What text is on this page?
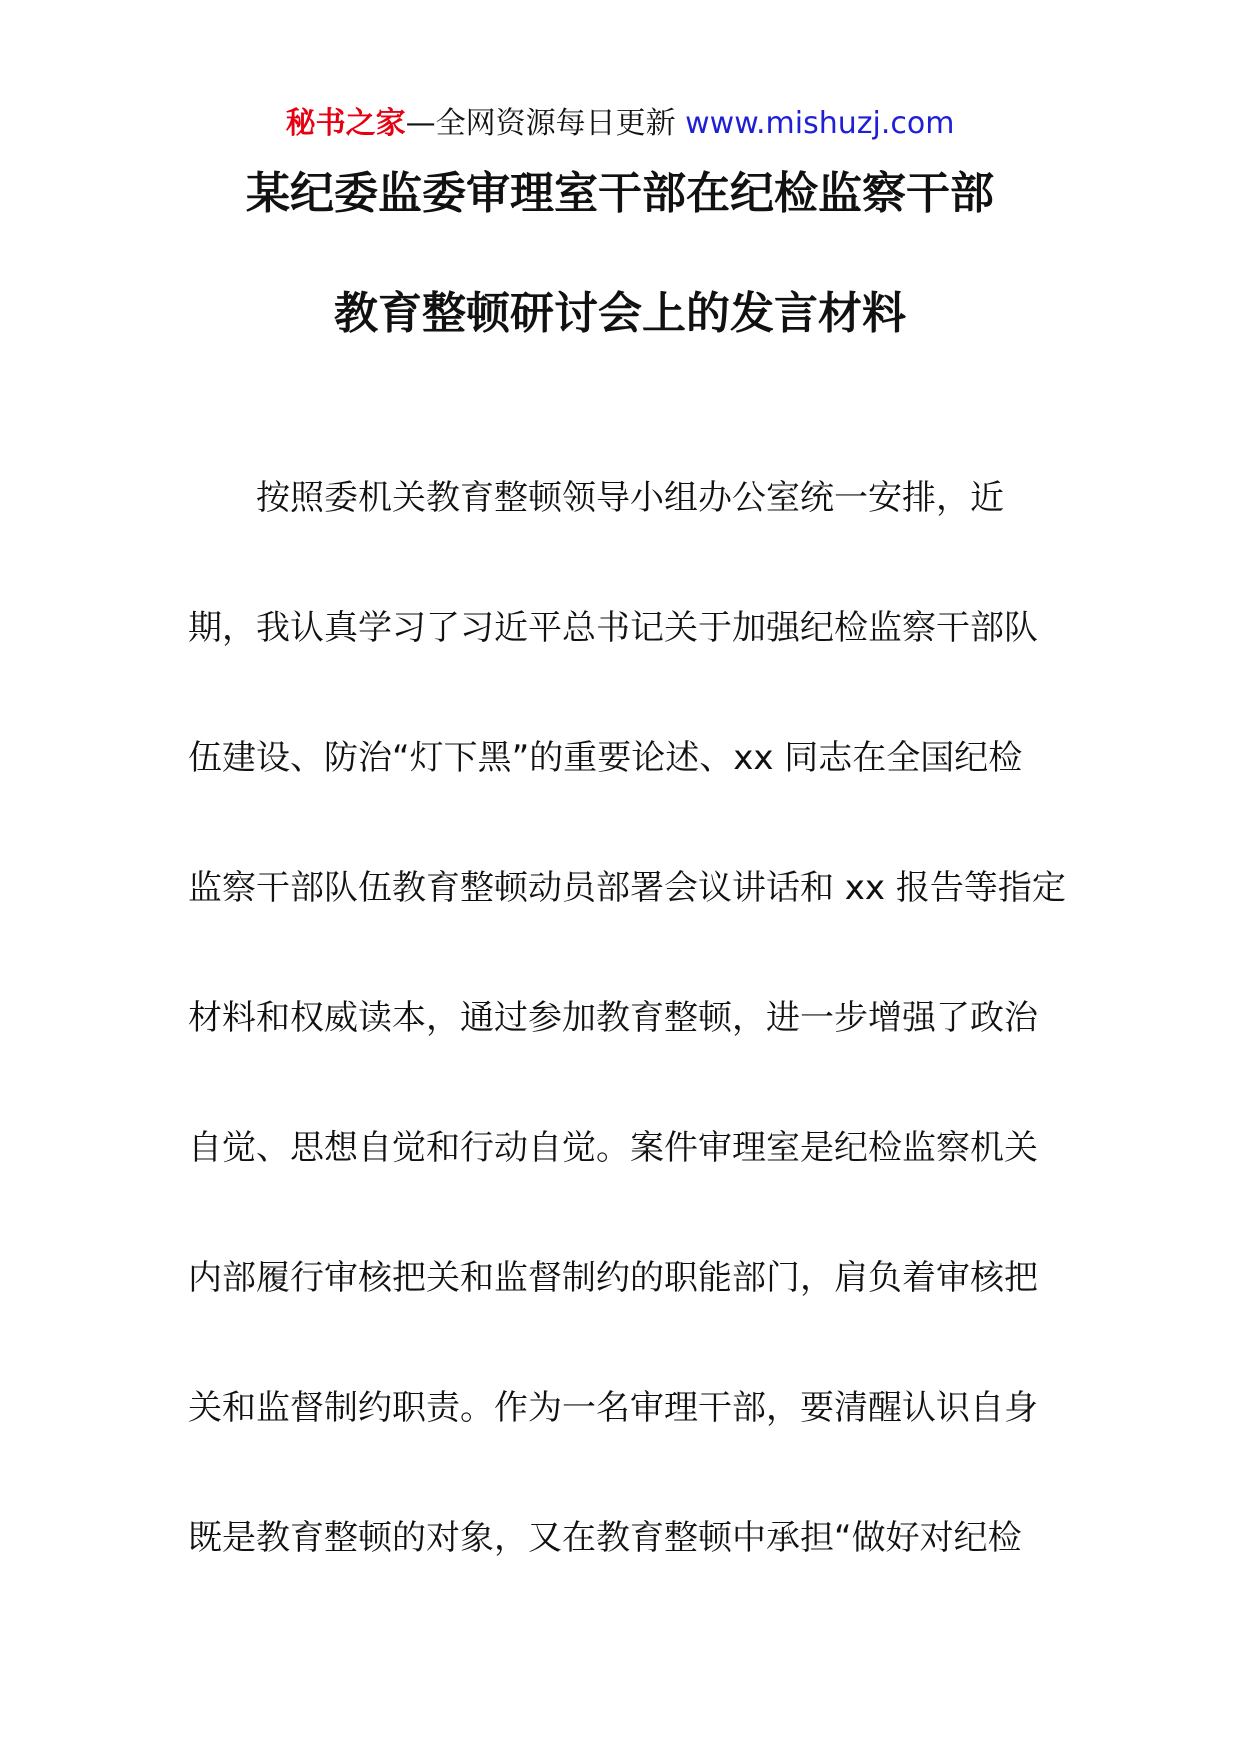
秘书之家—全网资源每日更新 www.mishuzj.com
某纪委监委审理室干部在纪检监察干部
教育整顿研讨会上的发言材料
按照委机关教育整顿领导小组办公室统一安排，近
期，我认真学习了习近平总书记关于加强纪检监察干部队
伍建设、防治“灯下黑”的重要论述、xx 同志在全国纪检
监察干部队伍教育整顿动员部署会议讲话和 xx 报告等指定
材料和权威读本，通过参加教育整顿，进一步增强了政治
自觉、思想自觉和行动自觉。案件审理室是纪检监察机关
内部履行审核把关和监督制约的职能部门，肩负着审核把
关和监督制约职责。作为一名审理干部，要清醒认识自身
既是教育整顿的对象，又在教育整顿中承担“做好对纪检
